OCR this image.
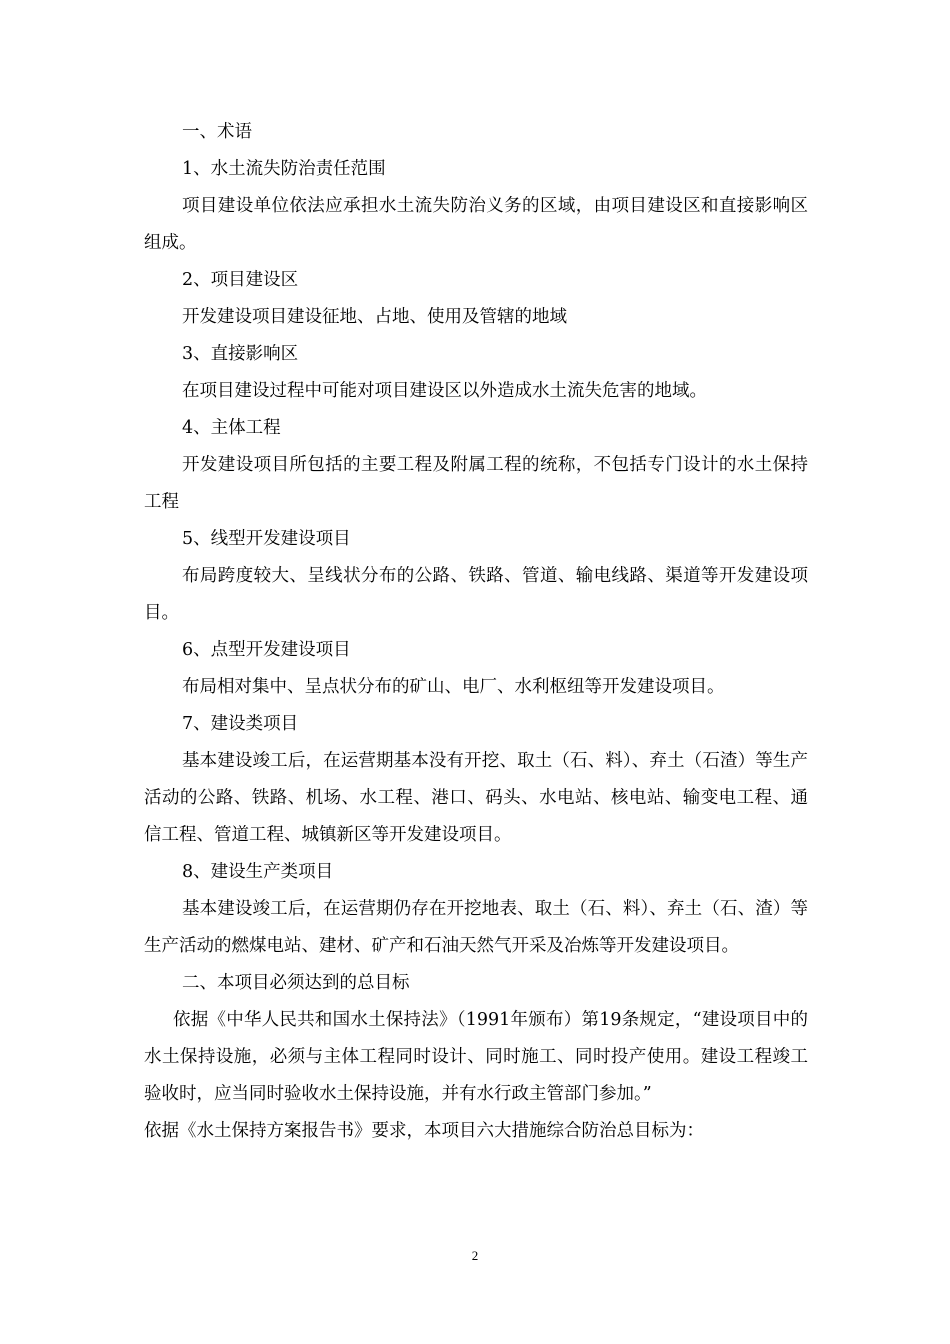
一、术语
1、水土流失防治责任范围
项目建设单位依法应承担水土流失防治义务的区域，由项目建设区和直接影响区组成。
2、项目建设区
开发建设项目建设征地、占地、使用及管辖的地域
3、直接影响区
在项目建设过程中可能对项目建设区以外造成水土流失危害的地域。
4、主体工程
开发建设项目所包括的主要工程及附属工程的统称，不包括专门设计的水土保持工程
5、线型开发建设项目
布局跨度较大、呈线状分布的公路、铁路、管道、输电线路、渠道等开发建设项目。
6、点型开发建设项目
布局相对集中、呈点状分布的矿山、电厂、水利枢纽等开发建设项目。
7、建设类项目
基本建设竣工后，在运营期基本没有开挖、取土（石、料）、弃土（石渣）等生产活动的公路、铁路、机场、水工程、港口、码头、水电站、核电站、输变电工程、通信工程、管道工程、城镇新区等开发建设项目。
8、建设生产类项目
基本建设竣工后，在运营期仍存在开挖地表、取土（石、料）、弃土（石、渣）等生产活动的燃煤电站、建材、矿产和石油天然气开采及冶炼等开发建设项目。
二、本项目必须达到的总目标
依据《中华人民共和国水土保持法》（1991年颁布）第19条规定，“建设项目中的水土保持设施，必须与主体工程同时设计、同时施工、同时投产使用。建设工程竣工验收时，应当同时验收水土保持设施，并有水行政主管部门参加。”
依据《水土保持方案报告书》要求，本项目六大措施综合防治总目标为：
2
